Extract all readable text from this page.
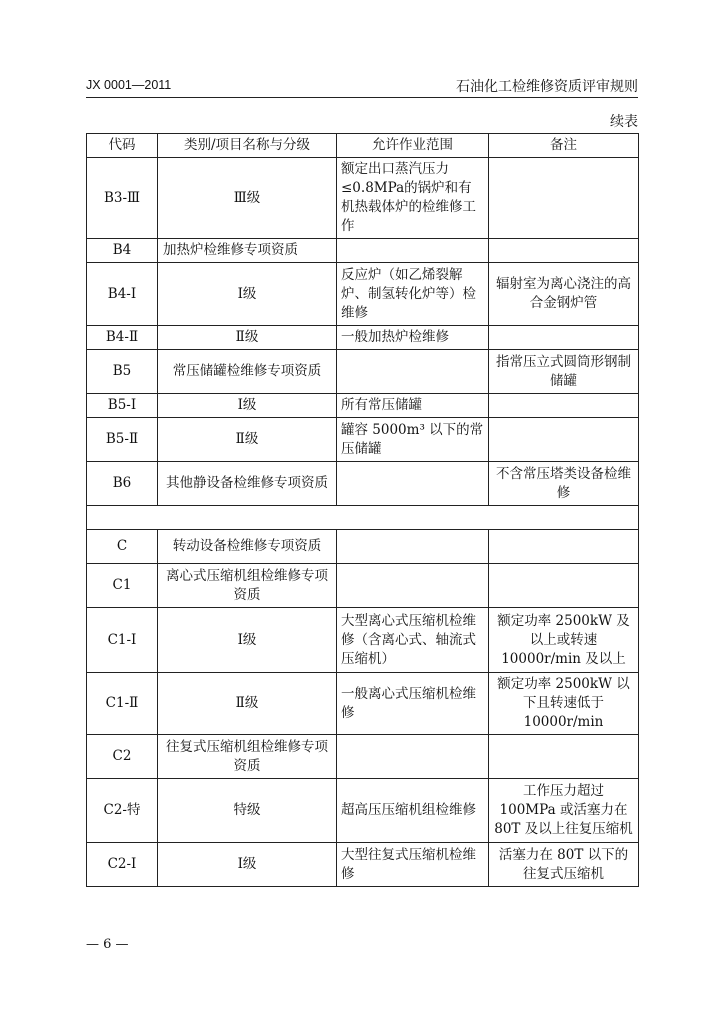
JX 0001—2011	石油化工检维修资质评审规则
续表
代码	类别/项目名称与分级	允许作业范围	备注
B3-Ⅲ	Ⅲ级	额定出口蒸汽压力≤0.8MPa的锅炉和有机热载体炉的检维修工作	
B4	加热炉检维修专项资质		
B4-Ⅰ	Ⅰ级	反应炉（如乙烯裂解炉、制氢转化炉等）检维修	辐射室为离心浇注的高合金钢炉管
B4-Ⅱ	Ⅱ级	一般加热炉检维修	
B5	常压储罐检维修专项资质		指常压立式圆筒形钢制储罐
B5-Ⅰ	Ⅰ级	所有常压储罐	
B5-Ⅱ	Ⅱ级	罐容 5000m³ 以下的常压储罐	
B6	其他静设备检维修专项资质		不含常压塔类设备检维修

C	转动设备检维修专项资质		
C1	离心式压缩机组检维修专项资质		
C1-Ⅰ	Ⅰ级	大型离心式压缩机检维修（含离心式、轴流式压缩机）	额定功率 2500kW 及以上或转速 10000r/min 及以上
C1-Ⅱ	Ⅱ级	一般离心式压缩机检维修	额定功率 2500kW 以下且转速低于 10000r/min
C2	往复式压缩机组检维修专项资质		
C2-特	特级	超高压压缩机组检维修	工作压力超过 100MPa 或活塞力在 80T 及以上往复压缩机
C2-Ⅰ	Ⅰ级	大型往复式压缩机检维修	活塞力在 80T 以下的往复式压缩机
— 6 —
